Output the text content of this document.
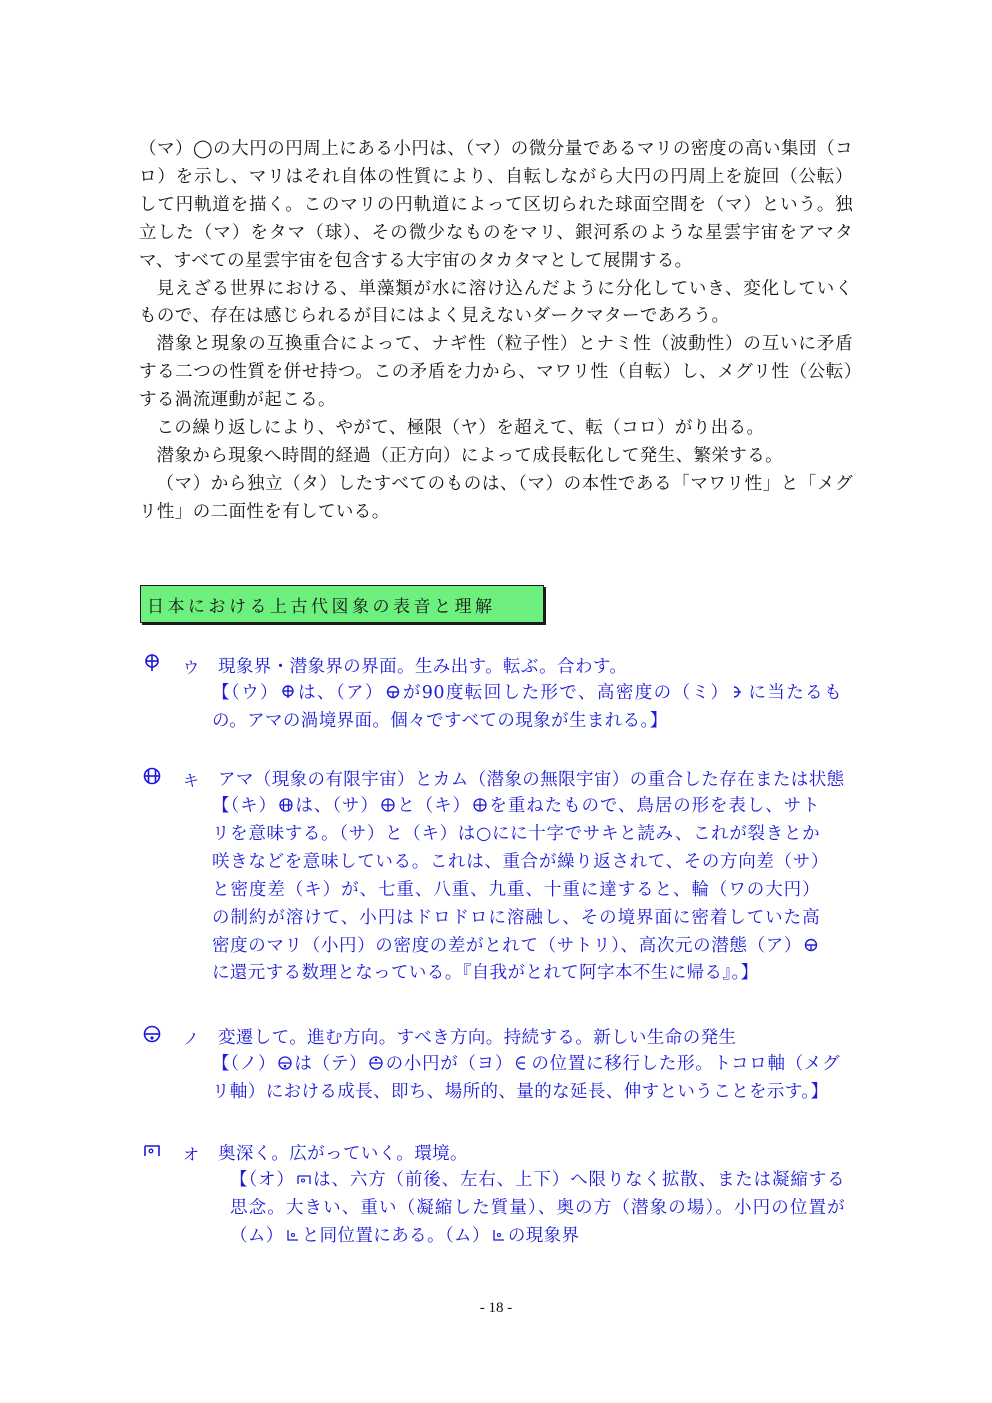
（マ）◯の大円の円周上にある小円は、（マ）の微分量であるマリの密度の高い集団（コロ）を示し、マリはそれ自体の性質により、自転しながら大円の円周上を旋回（公転）して円軌道を描く。このマリの円軌道によって区切られた球面空間を（マ）という。独立した（マ）をタマ（球）、その微少なものをマリ、銀河系のような星雲宇宙をアマタマ、すべての星雲宇宙を包含する大宇宙のタカタマとして展開する。

見えざる世界における、単藻類が水に溶け込んだように分化していき、変化していくもので、存在は感じられるが目にはよく見えないダークマターであろう。

潜象と現象の互換重合によって、ナギ性（粒子性）とナミ性（波動性）の互いに矛盾する二つの性質を併せ持つ。この矛盾を力から、マワリ性（自転）し、メグリ性（公転）する渦流運動が起こる。

この繰り返しにより、やがて、極限（ヤ）を超えて、転（コロ）がり出る。

潜象から現象へ時間的経過（正方向）によって成長転化して発生、繁栄する。

（マ）から独立（タ）したすべてのものは、（マ）の本性である「マワリ性」と「メグリ性」の二面性を有している。

日本における上古代図象の表音と理解
ウ 現象界・潜象界の界面。生み出す。転ぶ。合わす。

【（ウ） は、（ア） が90度転回した形で、高密度の（ミ） に当たるもの。アマの渦境界面。個々ですべての現象が生まれる。】

キ アマ（現象の有限宇宙）とカム（潜象の無限宇宙）の重合した存在または状態

【（キ） は、（サ） と（キ） を重ねたもので、鳥居の形を表し、サトリを意味する。（サ）と（キ）は○にに十字でサキと読み、これが裂きとか咲きなどを意味している。これは、重合が繰り返されて、その方向差（サ）と密度差（キ）が、七重、八重、九重、十重に達すると、輪（ワの大円）の制約が溶けて、小円はドロドロに溶融し、その境界面に密着していた高密度のマリ（小円）の密度の差がとれて（サトリ）、高次元の潜態（ア）に還元する数理となっている。『自我がとれて阿字本不生に帰る』。】

ノ 変遷して。進む方向。すべき方向。持続する。新しい生命の発生

【（ノ） は（テ） の小円が（ヨ） の位置に移行した形。トコロ軸（メグリ軸）における成長、即ち、場所的、量的な延長、伸すということを示す。】

オ 奥深く。広がっていく。環境。

【（オ） は、六方（前後、左右、上下）へ限りなく拡散、または凝縮する思念。大きい、重い（凝縮した質量）、奥の方（潜象の場）。小円の位置が（ム） と同位置にある。（ム） の現象界

- 18 -
